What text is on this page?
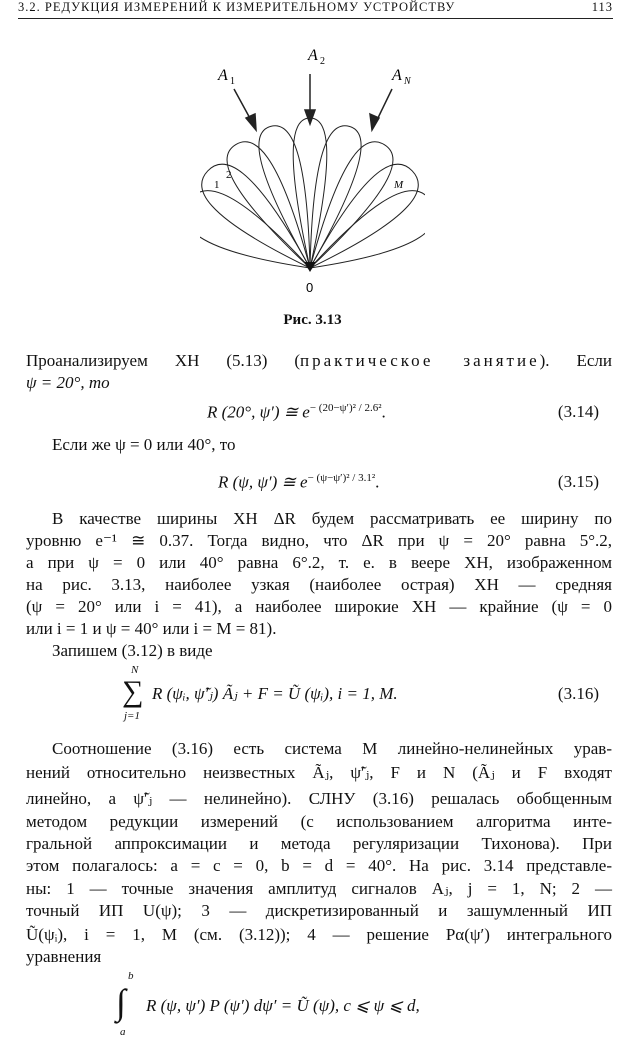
3.2. РЕДУКЦИЯ ИЗМЕРЕНИЙ К ИЗМЕРИТЕЛЬНОМУ УСТРОЙСТВУ	113
A 1
A 2
A N
1
2
M
0
Рис. 3.13
Проанализируем ХН (5.13) (практическое занятие). Если
ψ = 20°, то
R (20°, ψ′) ≅ $e^{- (20-\psi')^2 / 2.6^2}$.	(3.14)
Если же ψ = 0 или 40°, то
R (ψ, ψ′) ≅ $e^{- (\psi-\psi')^2 / 3.1^2}$.	(3.15)
В качестве ширины ХН ΔR будем рассматривать ее ширину по
уровню e⁻¹ ≅ 0.37. Тогда видно, что ΔR при ψ = 20° равна 5°.2,
а при ψ = 0 или 40° равна 6°.2, т. е. в веере ХН, изображенном
на рис. 3.13, наиболее узкая (наиболее острая) ХН — средняя
(ψ = 20° или i = 41), а наиболее широкие ХН — крайние (ψ = 0
или i = 1 и ψ = 40° или i = M = 81).
Запишем (3.12) в виде
N
∑
j=1
R (ψᵢ, ψ̃′ⱼ) Ãⱼ + F = Ũ (ψᵢ), i = 1, M.	(3.16)
Соотношение (3.16) есть система M линейно-нелинейных урав-
нений относительно неизвестных Ãⱼ, ψ̃′ⱼ, F и N (Ãⱼ и F входят
линейно, а ψ̃′ⱼ — нелинейно). СЛНУ (3.16) решалась обобщенным
методом редукции измерений (с использованием алгоритма инте-
гральной аппроксимации и метода регуляризации Тихонова). При
этом полагалось: a = c = 0, b = d = 40°. На рис. 3.14 представле-
ны: 1 — точные значения амплитуд сигналов Aⱼ, j = 1, N; 2 —
точный ИП U(ψ); 3 — дискретизированный и зашумленный ИП
Ũ(ψᵢ), i = 1, M (см. (3.12)); 4 — решение Pα(ψ′) интегрального
уравнения
b
∫
a
R (ψ, ψ′) P (ψ′) dψ′ = Ũ (ψ), c ⩽ ψ ⩽ d,
